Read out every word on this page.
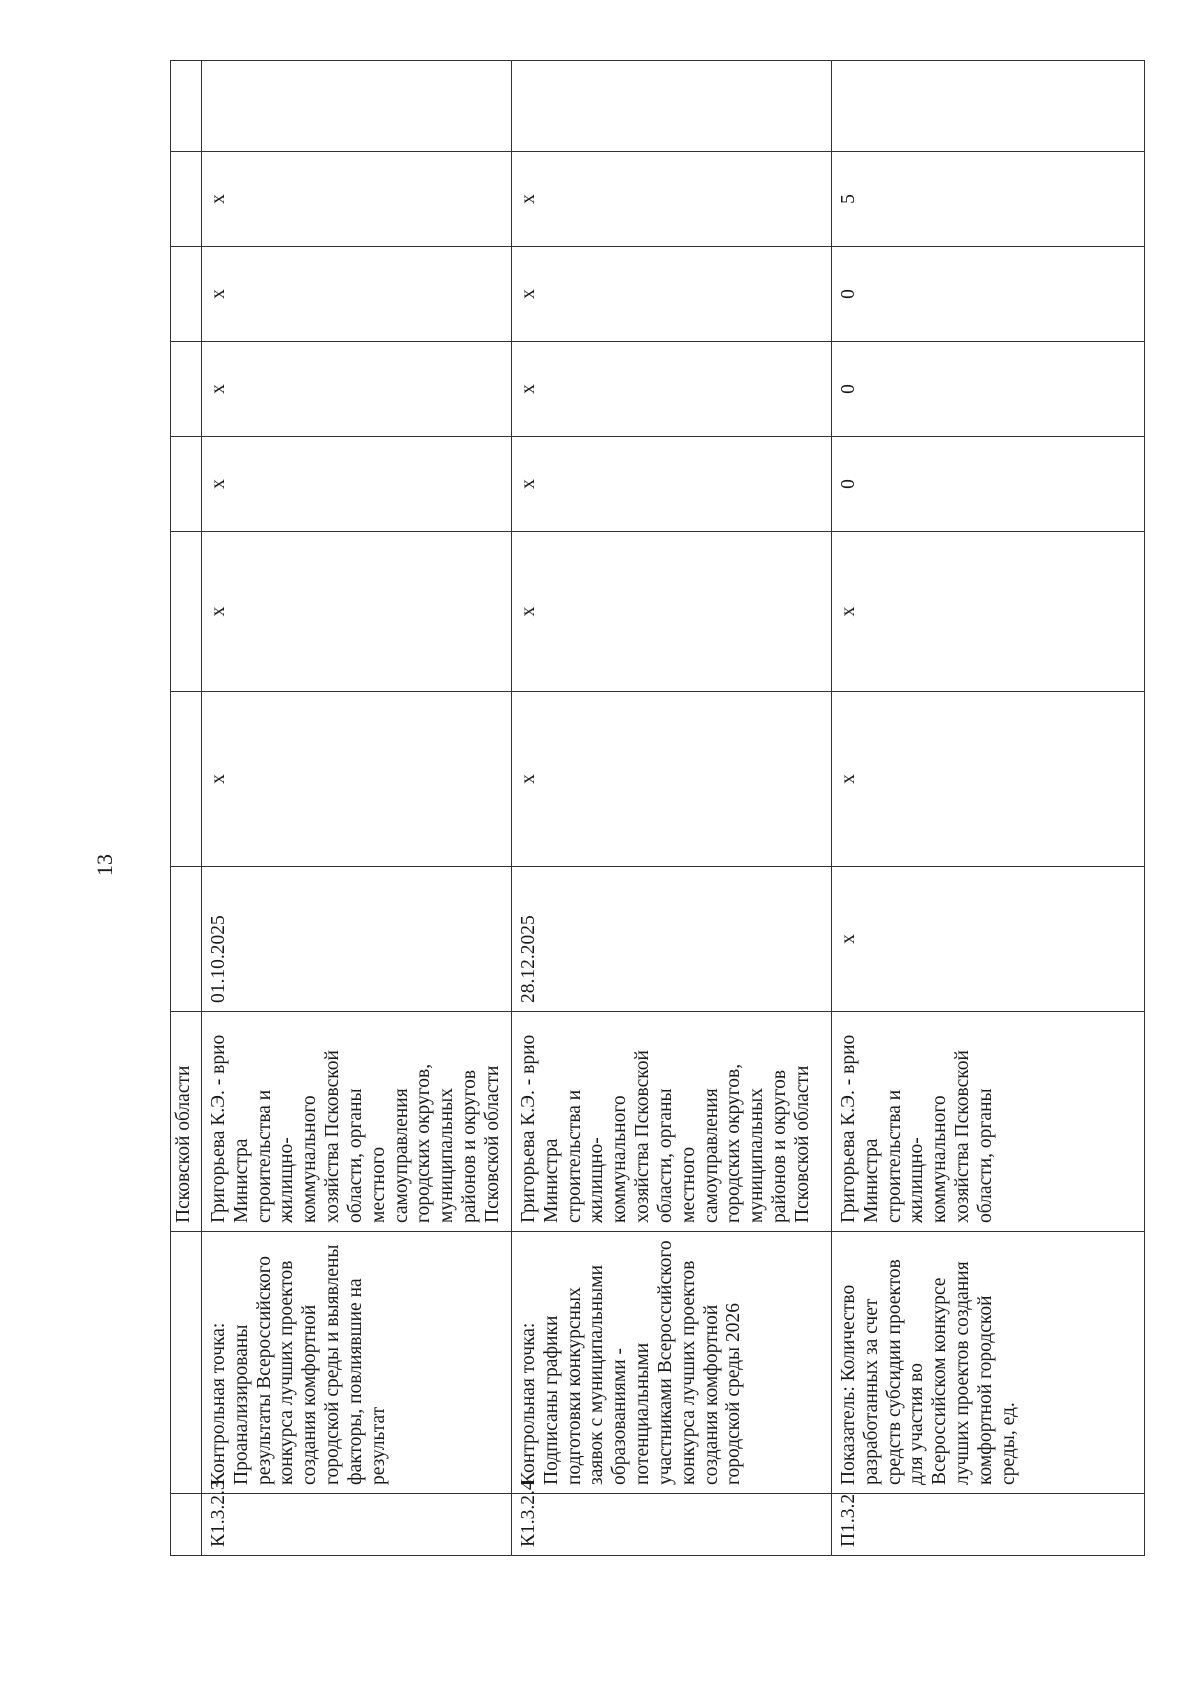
13
		Псковской области								
К1.3.2.3	Контрольная точка: Проанализированы результаты Всероссийского конкурса лучших проектов создания комфортной городской среды и выявлены факторы, повлиявшие на результат	Григорьева К.Э. - врио Министра строительства и жилищно-коммунального хозяйства Псковской области, органы местного самоуправления городских округов, муниципальных районов и округов Псковской области	01.10.2025	x	x	x	x	x	x	
К1.3.2.4	Контрольная точка: Подписаны графики подготовки конкурсных заявок с муниципальными образованиями - потенциальными участниками Всероссийского конкурса лучших проектов создания комфортной городской среды 2026	Григорьева К.Э. - врио Министра строительства и жилищно-коммунального хозяйства Псковской области, органы местного самоуправления городских округов, муниципальных районов и округов Псковской области	28.12.2025	x	x	x	x	x	x	
П1.3.2	Показатель: Количество разработанных за счет средств субсидии проектов для участия во Всероссийском конкурсе лучших проектов создания комфортной городской среды, ед.	Григорьева К.Э. - врио Министра строительства и жилищно-коммунального хозяйства Псковской области, органы	x	x	x	0	0	0	5	
